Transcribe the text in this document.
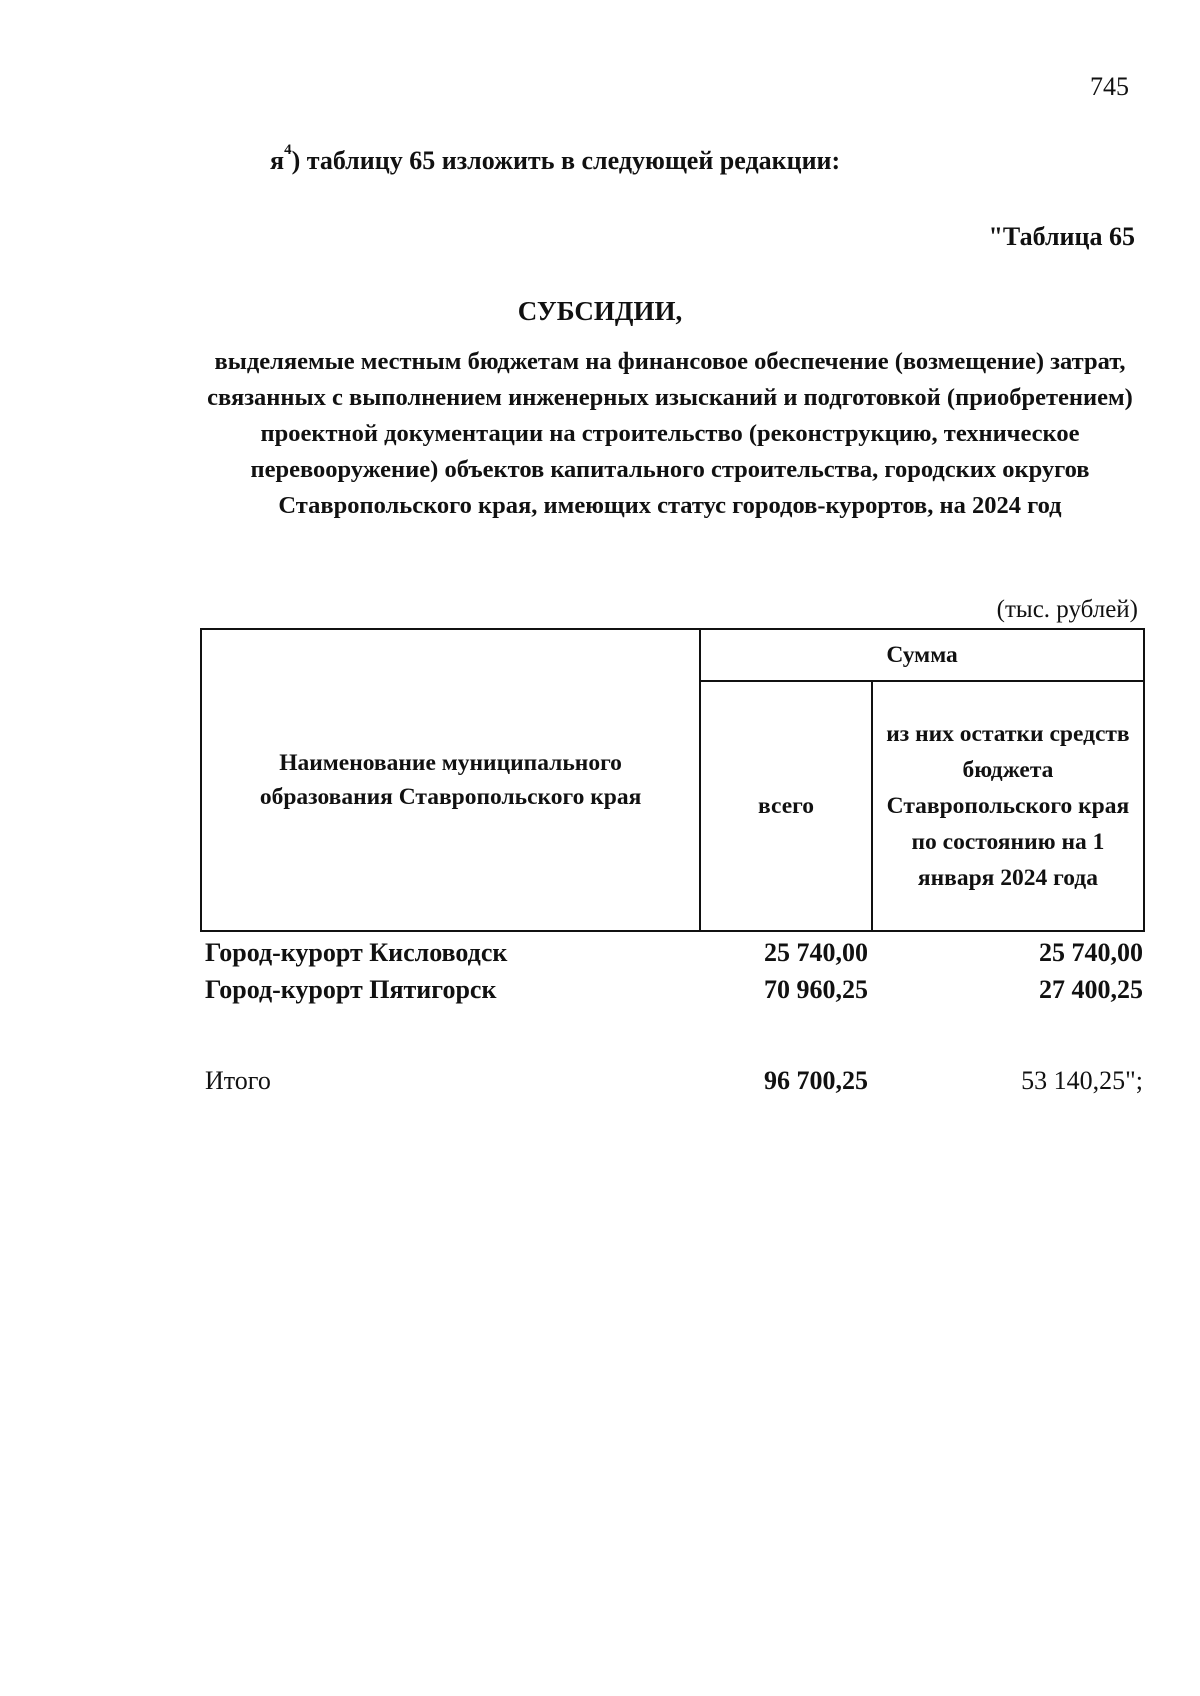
745
$я^4$) таблицу 65 изложить в следующей редакции:
"Таблица 65
СУБСИДИИ,
выделяемые местным бюджетам на финансовое обеспечение (возмещение) затрат, связанных с выполнением инженерных изысканий и подготовкой (приобретением) проектной документации на строительство (реконструкцию, техническое перевооружение) объектов капитального строительства, городских округов Ставропольского края, имеющих статус городов-курортов, на 2024 год
(тыс. рублей)
Наименование муниципального образования Ставропольского края	Сумма	
	всего	из них остатки средств бюджета Ставропольского края по состоянию на 1 января 2024 года
Город-курорт Кисловодск	25 740,00	25 740,00
Город-курорт Пятигорск	70 960,25	27 400,25
Итого	96 700,25	53 140,25";
